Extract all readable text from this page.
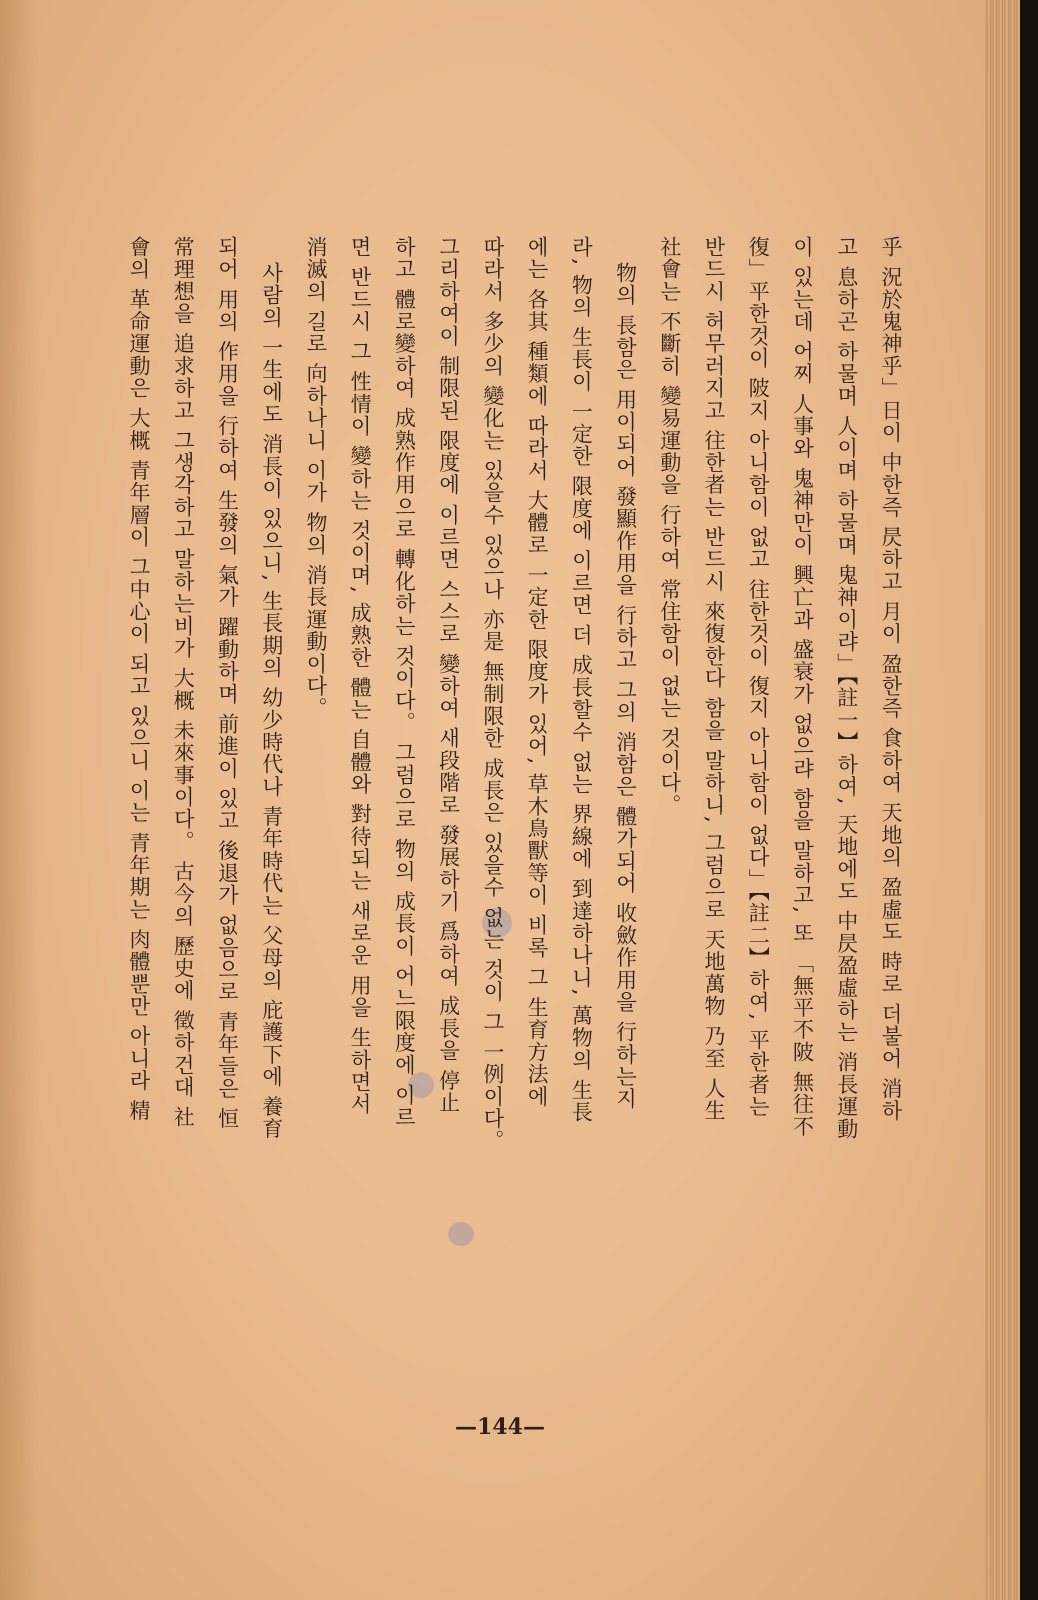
乎 況於鬼神乎」日이 中한즉 昃하고 月이 盈한즉 食하여 天地의 盈虛도 時로 더불어 消하
고 息하곤 하물며 人이며 하물며 鬼神이랴」【註一】하여, 天地에도 中昃盈虛하는 消長運動
이 있는데 어찌 人事와 鬼神만이 興亡과 盛衰가 없으랴 함을 말하고, 또 「無平不陂 無往不
復」平한것이 陂지 아니함이 없고 往한것이 復지 아니함이 없다」【註二】하여, 平한者는
반드시 허무러지고 往한者는 반드시 來復한다 함을 말하니, 그럼으로 天地萬物 乃至 人生
社會는 不斷히 變易運動을 行하여 常住함이 없는 것이다。
物의 長함은 用이되어 發顯作用을 行하고 그의 消함은 體가되어 收斂作用을 行하는지
라, 物의 生長이 一定한 限度에 이르면 더 成長할수 없는 界線에 到達하나니, 萬物의 生長
에는 各其 種類에 따라서 大體로 一定한 限度가 있어, 草木鳥獸等이 비록 그 生育方法에
따라서 多少의 變化는 있을수 있으나 亦是 無制限한 成長은 있을수 없는 것이 그 一例이다。
그리하여이 制限된 限度에 이르면 스스로 變하여 새段階로 發展하기 爲하여 成長을 停止
하고 體로變하여 成熟作用으로 轉化하는 것이다。 그럼으로 物의 成長이 어느限度에 이르
면 반드시 그 性情이 變하는 것이며, 成熟한 體는 自體와 對待되는 새로운 用을 生하면서
消滅의 길로 向하나니 이가 物의 消長運動이다。
사람의 一生에도 消長이 있으니, 生長期의 幼少時代나 青年時代는 父母의 庇護下에 養育
되어 用의 作用을 行하여 生發의 氣가 躍動하며 前進이 있고 後退가 없음으로 青年들은 恒
常理想을 追求하고 그생각하고 말하는비가 大概 未來事이다。 古今의 歷史에 徵하건대 社
會의 革命運動은 大概 青年層이 그中心이 되고 있으니 이는 青年期는 肉體뿐만 아니라 精
—144—
